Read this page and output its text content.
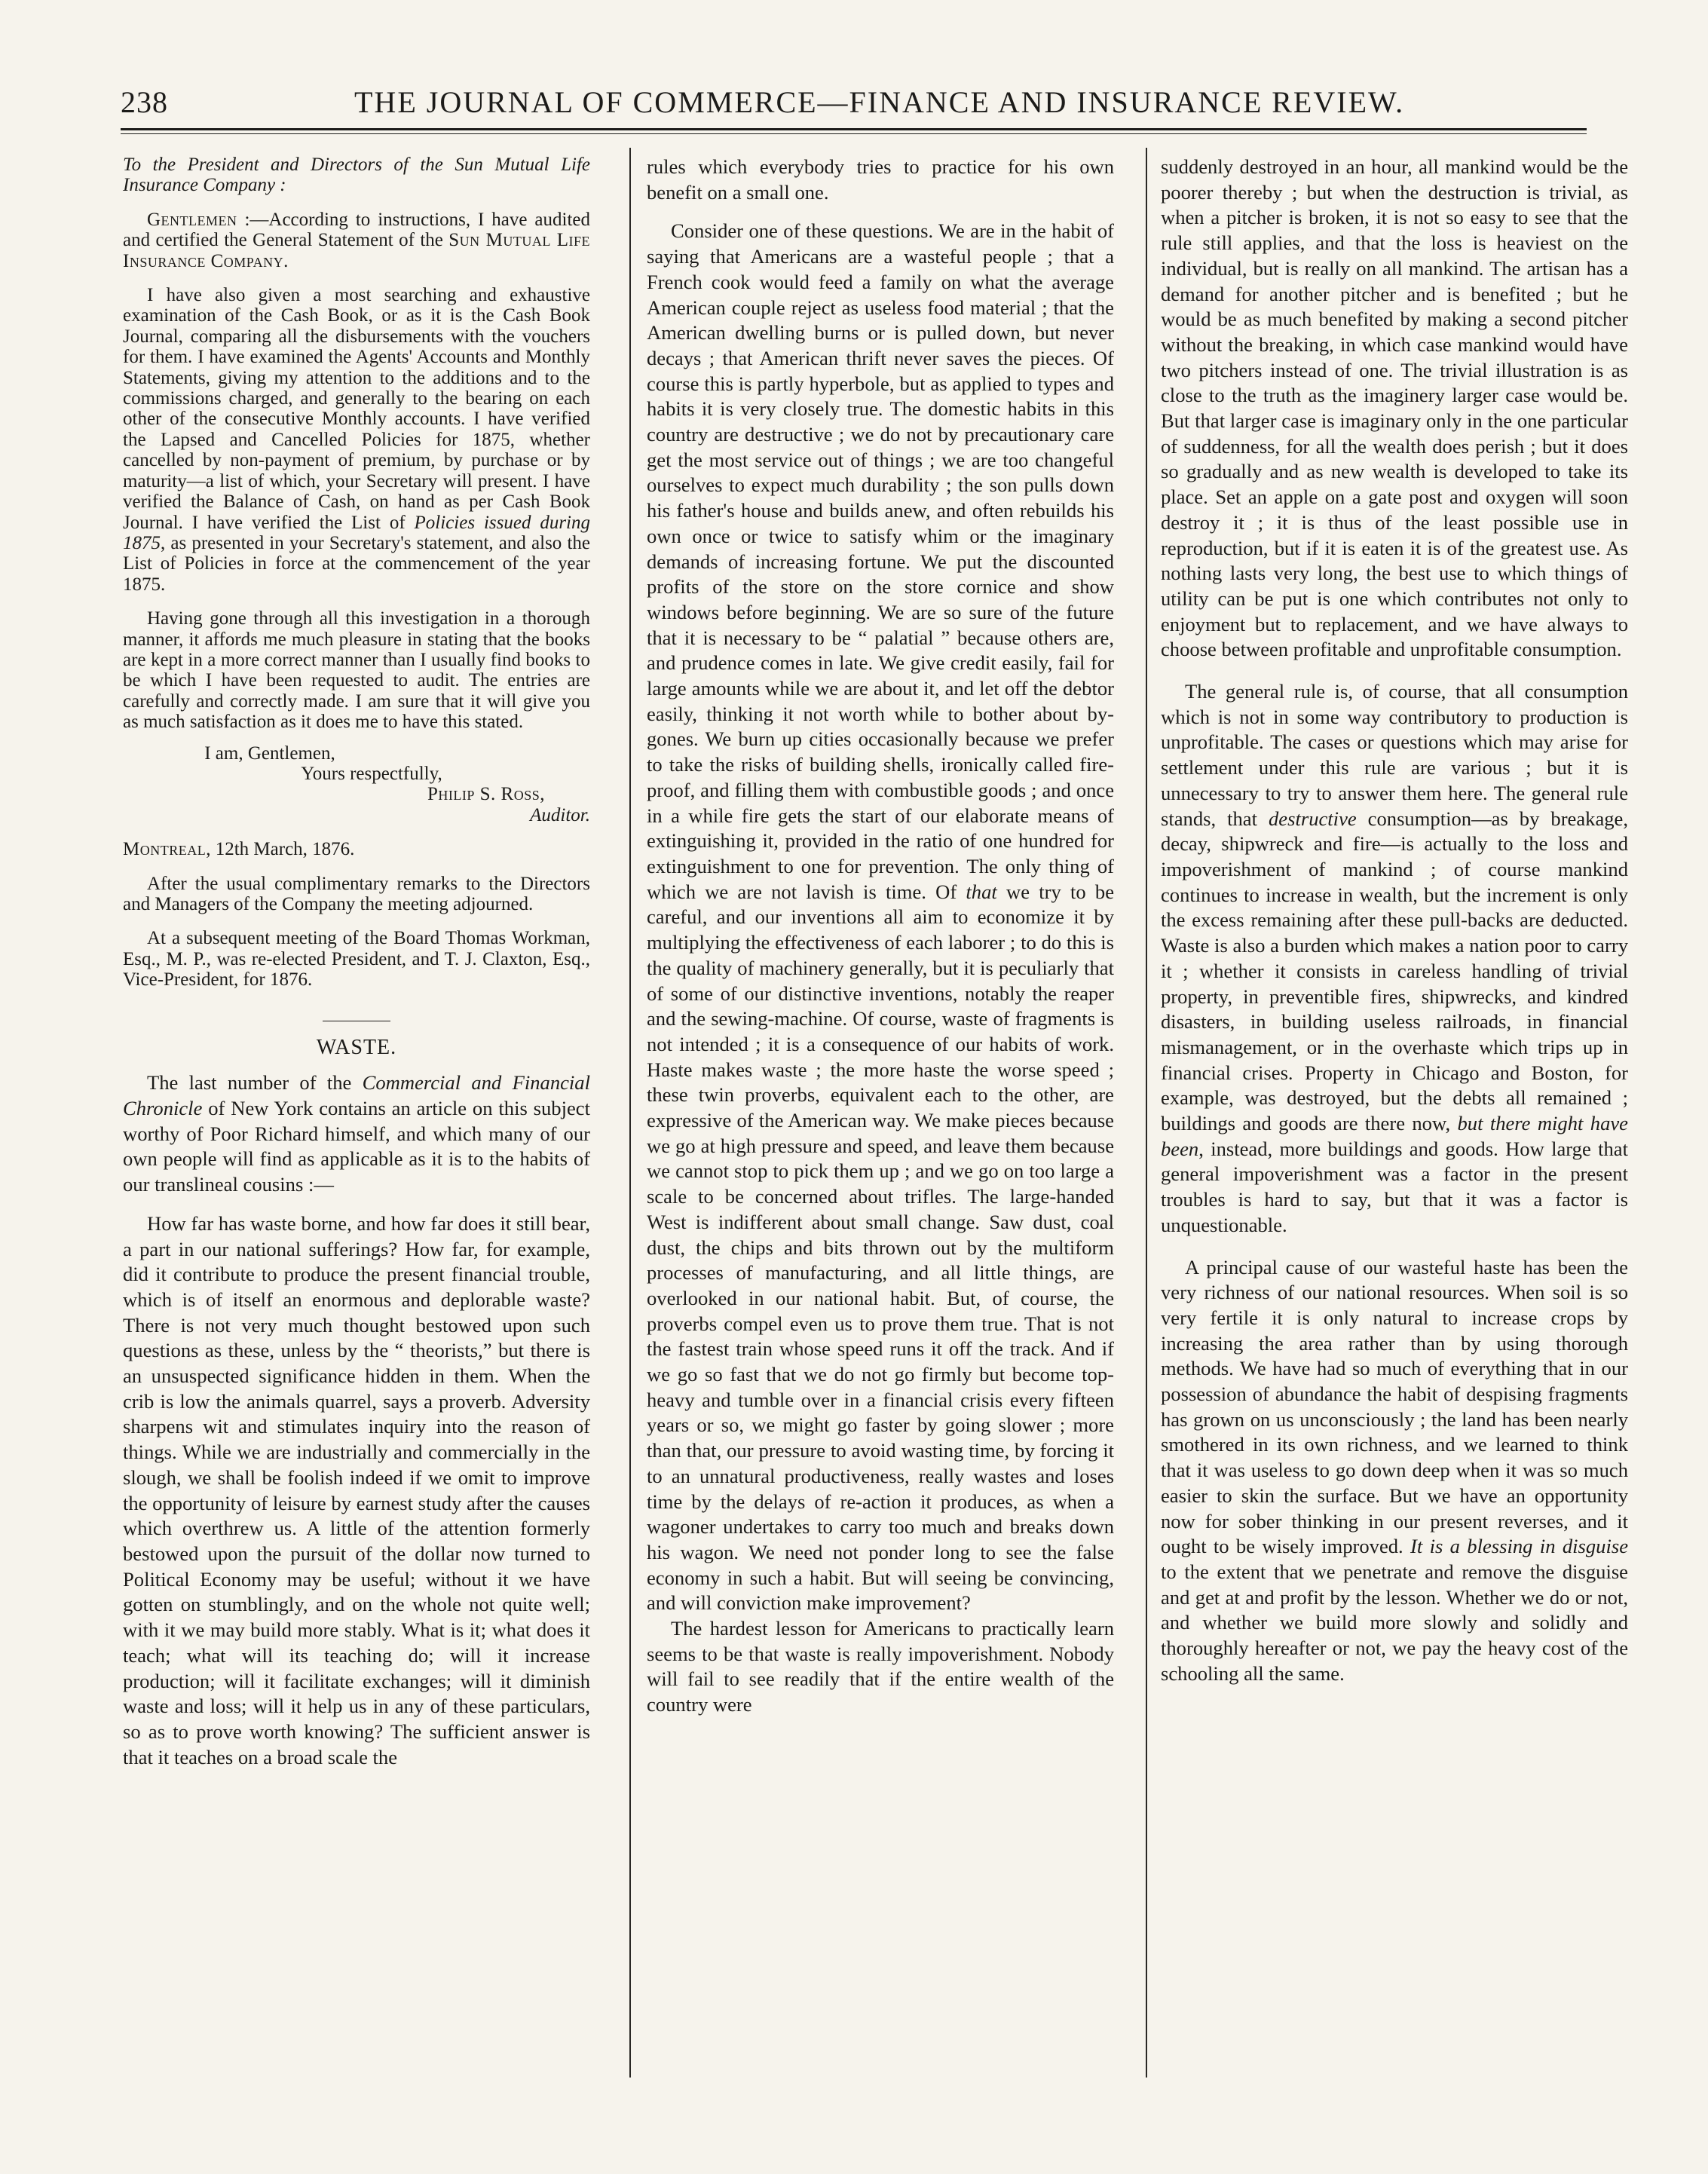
238	THE JOURNAL OF COMMERCE—FINANCE AND INSURANCE REVIEW.

To the President and Directors of the Sun Mutual Life Insurance Company :

Gentlemen :—According to instructions, I have audited and certified the General Statement of the Sun Mutual Life Insurance Company.

I have also given a most searching and exhaustive examination of the Cash Book, or as it is the Cash Book Journal, comparing all the disbursements with the vouchers for them. I have examined the Agents' Accounts and Monthly Statements, giving my attention to the additions and to the commissions charged, and generally to the bearing on each other of the consecutive Monthly accounts. I have verified the Lapsed and Cancelled Policies for 1875, whether cancelled by non-payment of premium, by purchase or by maturity—a list of which, your Secretary will present. I have verified the Balance of Cash, on hand as per Cash Book Journal. I have verified the List of Policies issued during 1875, as presented in your Secretary's statement, and also the List of Policies in force at the commencement of the year 1875.

Having gone through all this investigation in a thorough manner, it affords me much pleasure in stating that the books are kept in a more correct manner than I usually find books to be which I have been requested to audit. The entries are carefully and correctly made. I am sure that it will give you as much satisfaction as it does me to have this stated.

I am, Gentlemen,

Yours respectfully,

Philip S. Ross,

Auditor.

Montreal, 12th March, 1876.

After the usual complimentary remarks to the Directors and Managers of the Company the meeting adjourned.

At a subsequent meeting of the Board Thomas Workman, Esq., M. P., was re-elected President, and T. J. Claxton, Esq., Vice-President, for 1876.

WASTE.

The last number of the Commercial and Financial Chronicle of New York contains an article on this subject worthy of Poor Richard himself, and which many of our own people will find as applicable as it is to the habits of our translineal cousins :—

How far has waste borne, and how far does it still bear, a part in our national sufferings? How far, for example, did it contribute to produce the present financial trouble, which is of itself an enormous and deplorable waste? There is not very much thought bestowed upon such questions as these, unless by the “ theorists,” but there is an unsuspected significance hidden in them. When the crib is low the animals quarrel, says a proverb. Adversity sharpens wit and stimulates inquiry into the reason of things. While we are industrially and commercially in the slough, we shall be foolish indeed if we omit to improve the opportunity of leisure by earnest study after the causes which overthrew us. A little of the attention formerly bestowed upon the pursuit of the dollar now turned to Political Economy may be useful; without it we have gotten on stumblingly, and on the whole not quite well; with it we may build more stably. What is it; what does it teach; what will its teaching do; will it increase production; will it facilitate exchanges; will it diminish waste and loss; will it help us in any of these particulars, so as to prove worth knowing? The sufficient answer is that it teaches on a broad scale the

rules which everybody tries to practice for his own benefit on a small one.

Consider one of these questions. We are in the habit of saying that Americans are a wasteful people ; that a French cook would feed a family on what the average American couple reject as useless food material ; that the American dwelling burns or is pulled down, but never decays ; that American thrift never saves the pieces. Of course this is partly hyperbole, but as applied to types and habits it is very closely true. The domestic habits in this country are destructive ; we do not by precautionary care get the most service out of things ; we are too changeful ourselves to expect much durability ; the son pulls down his father's house and builds anew, and often rebuilds his own once or twice to satisfy whim or the imaginary demands of increasing fortune. We put the discounted profits of the store on the store cornice and show windows before beginning. We are so sure of the future that it is necessary to be “ palatial ” because others are, and prudence comes in late. We give credit easily, fail for large amounts while we are about it, and let off the debtor easily, thinking it not worth while to bother about by-gones. We burn up cities occasionally because we prefer to take the risks of building shells, ironically called fire-proof, and filling them with combustible goods ; and once in a while fire gets the start of our elaborate means of extinguishing it, provided in the ratio of one hundred for extinguishment to one for prevention. The only thing of which we are not lavish is time. Of that we try to be careful, and our inventions all aim to economize it by multiplying the effectiveness of each laborer ; to do this is the quality of machinery generally, but it is peculiarly that of some of our distinctive inventions, notably the reaper and the sewing-machine. Of course, waste of fragments is not intended ; it is a consequence of our habits of work. Haste makes waste ; the more haste the worse speed ; these twin proverbs, equivalent each to the other, are expressive of the American way. We make pieces because we go at high pressure and speed, and leave them because we cannot stop to pick them up ; and we go on too large a scale to be concerned about trifles. The large-handed West is indifferent about small change. Saw dust, coal dust, the chips and bits thrown out by the multiform processes of manufacturing, and all little things, are overlooked in our national habit. But, of course, the proverbs compel even us to prove them true. That is not the fastest train whose speed runs it off the track. And if we go so fast that we do not go firmly but become top-heavy and tumble over in a financial crisis every fifteen years or so, we might go faster by going slower ; more than that, our pressure to avoid wasting time, by forcing it to an unnatural productiveness, really wastes and loses time by the delays of re-action it produces, as when a wagoner undertakes to carry too much and breaks down his wagon. We need not ponder long to see the false economy in such a habit. But will seeing be convincing, and will conviction make improvement?

The hardest lesson for Americans to practically learn seems to be that waste is really impoverishment. Nobody will fail to see readily that if the entire wealth of the country were

suddenly destroyed in an hour, all mankind would be the poorer thereby ; but when the destruction is trivial, as when a pitcher is broken, it is not so easy to see that the rule still applies, and that the loss is heaviest on the individual, but is really on all mankind. The artisan has a demand for another pitcher and is benefited ; but he would be as much benefited by making a second pitcher without the breaking, in which case mankind would have two pitchers instead of one. The trivial illustration is as close to the truth as the imaginery larger case would be. But that larger case is imaginary only in the one particular of suddenness, for all the wealth does perish ; but it does so gradually and as new wealth is developed to take its place. Set an apple on a gate post and oxygen will soon destroy it ; it is thus of the least possible use in reproduction, but if it is eaten it is of the greatest use. As nothing lasts very long, the best use to which things of utility can be put is one which contributes not only to enjoyment but to replacement, and we have always to choose between profitable and unprofitable consumption.

The general rule is, of course, that all consumption which is not in some way contributory to production is unprofitable. The cases or questions which may arise for settlement under this rule are various ; but it is unnecessary to try to answer them here. The general rule stands, that destructive consumption—as by breakage, decay, shipwreck and fire—is actually to the loss and impoverishment of mankind ; of course mankind continues to increase in wealth, but the increment is only the excess remaining after these pull-backs are deducted. Waste is also a burden which makes a nation poor to carry it ; whether it consists in careless handling of trivial property, in preventible fires, shipwrecks, and kindred disasters, in building useless railroads, in financial mismanagement, or in the overhaste which trips up in financial crises. Property in Chicago and Boston, for example, was destroyed, but the debts all remained ; buildings and goods are there now, but there might have been, instead, more buildings and goods. How large that general impoverishment was a factor in the present troubles is hard to say, but that it was a factor is unquestionable.

A principal cause of our wasteful haste has been the very richness of our national resources. When soil is so very fertile it is only natural to increase crops by increasing the area rather than by using thorough methods. We have had so much of everything that in our possession of abundance the habit of despising fragments has grown on us unconsciously ; the land has been nearly smothered in its own richness, and we learned to think that it was useless to go down deep when it was so much easier to skin the surface. But we have an opportunity now for sober thinking in our present reverses, and it ought to be wisely improved. It is a blessing in disguise to the extent that we penetrate and remove the disguise and get at and profit by the lesson. Whether we do or not, and whether we build more slowly and solidly and thoroughly hereafter or not, we pay the heavy cost of the schooling all the same.
